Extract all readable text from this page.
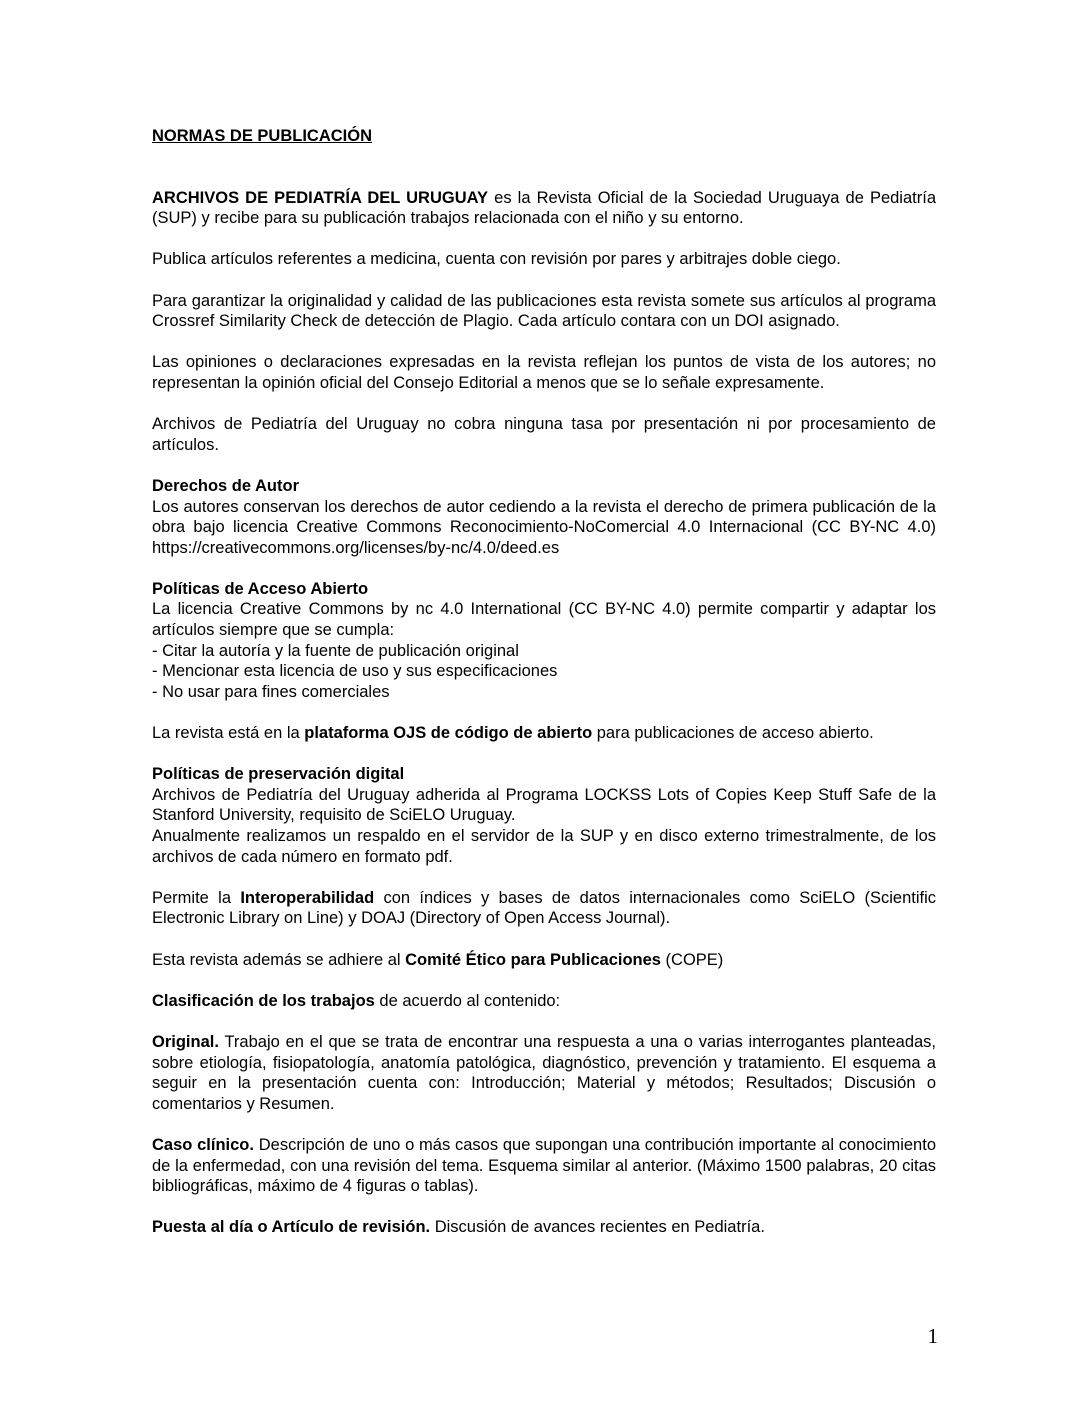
NORMAS DE PUBLICACIÓN

ARCHIVOS DE PEDIATRÍA DEL URUGUAY es la Revista Oficial de la Sociedad Uruguaya de Pediatría (SUP) y recibe para su publicación trabajos relacionada con el niño y su entorno.

Publica artículos referentes a medicina, cuenta con revisión por pares y arbitrajes doble ciego.

Para garantizar la originalidad y calidad de las publicaciones esta revista somete sus artículos al programa Crossref Similarity Check de detección de Plagio. Cada artículo contara con un DOI asignado.

Las opiniones o declaraciones expresadas en la revista reflejan los puntos de vista de los autores; no representan la opinión oficial del Consejo Editorial a menos que se lo señale expresamente.

Archivos de Pediatría del Uruguay no cobra ninguna tasa por presentación ni por procesamiento de artículos.

Derechos de Autor
Los autores conservan los derechos de autor cediendo a la revista el derecho de primera publicación de la obra bajo licencia Creative Commons Reconocimiento-NoComercial 4.0 Internacional (CC BY-NC 4.0) https://creativecommons.org/licenses/by-nc/4.0/deed.es

Políticas de Acceso Abierto
La licencia Creative Commons by nc 4.0 International (CC BY-NC 4.0) permite compartir y adaptar los artículos siempre que se cumpla:
- Citar la autoría y la fuente de publicación original
- Mencionar esta licencia de uso y sus especificaciones
- No usar para fines comerciales

La revista está en la plataforma OJS de código de abierto para publicaciones de acceso abierto.

Políticas de preservación digital
Archivos de Pediatría del Uruguay adherida al Programa LOCKSS Lots of Copies Keep Stuff Safe de la Stanford University, requisito de SciELO Uruguay.
Anualmente realizamos un respaldo en el servidor de la SUP y en disco externo trimestralmente, de los archivos de cada número en formato pdf.

Permite la Interoperabilidad con índices y bases de datos internacionales como SciELO (Scientific Electronic Library on Line) y DOAJ (Directory of Open Access Journal).

Esta revista además se adhiere al Comité Ético para Publicaciones (COPE)

Clasificación de los trabajos de acuerdo al contenido:

Original. Trabajo en el que se trata de encontrar una respuesta a una o varias interrogantes planteadas, sobre etiología, fisiopatología, anatomía patológica, diagnóstico, prevención y tratamiento. El esquema a seguir en la presentación cuenta con: Introducción; Material y métodos; Resultados; Discusión o comentarios y Resumen.

Caso clínico. Descripción de uno o más casos que supongan una contribución importante al conocimiento de la enfermedad, con una revisión del tema. Esquema similar al anterior. (Máximo 1500 palabras, 20 citas bibliográficas, máximo de 4 figuras o tablas).

Puesta al día o Artículo de revisión. Discusión de avances recientes en Pediatría.

1
